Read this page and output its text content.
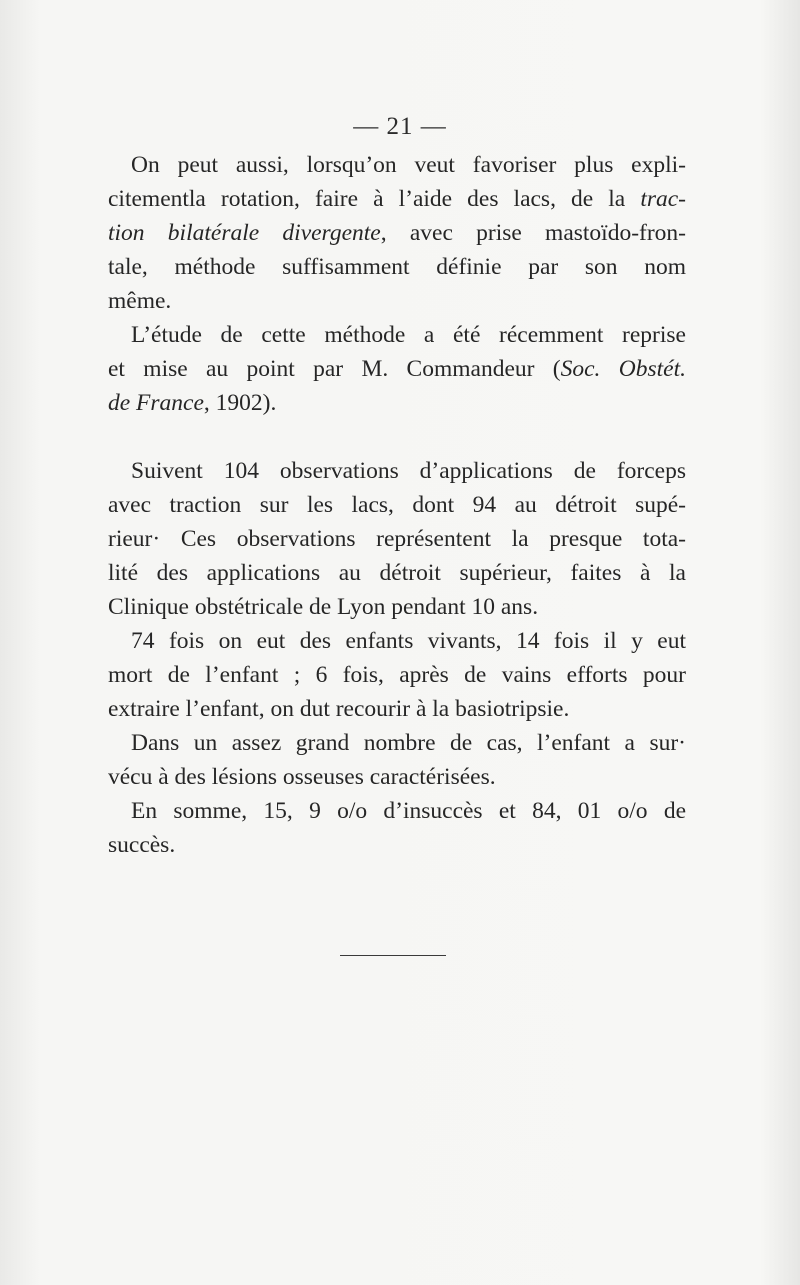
— 21 —

On peut aussi, lorsqu’on veut favoriser plus expli-
citementla rotation, faire à l’aide des lacs, de la trac-
tion bilatérale divergente, avec prise mastoïdo-fron-
tale, méthode suffisamment définie par son nom
même.

L’étude de cette méthode a été récemment reprise
et mise au point par M. Commandeur (Soc. Obstét.
de France, 1902).

Suivent 104 observations d’applications de forceps
avec traction sur les lacs, dont 94 au détroit supé-
rieur· Ces observations représentent la presque tota-
lité des applications au détroit supérieur, faites à la
Clinique obstétricale de Lyon pendant 10 ans.

74 fois on eut des enfants vivants, 14 fois il y eut
mort de l’enfant ; 6 fois, après de vains efforts pour
extraire l’enfant, on dut recourir à la basiotripsie.

Dans un assez grand nombre de cas, l’enfant a sur·
vécu à des lésions osseuses caractérisées.

En somme, 15, 9 o/o d’insuccès et 84, 01 o/o de
succès.
